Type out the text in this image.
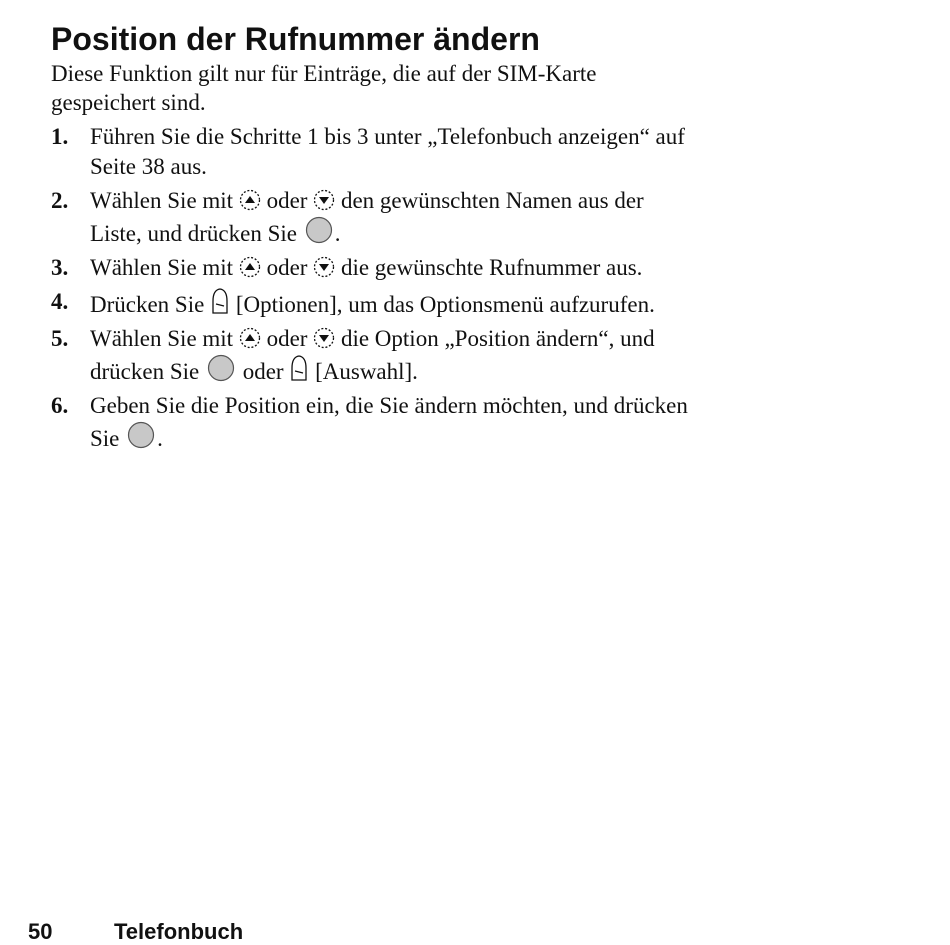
Position der Rufnummer ändern

Diese Funktion gilt nur für Einträge, die auf der SIM-Karte gespeichert sind.

1. Führen Sie die Schritte 1 bis 3 unter „Telefonbuch anzeigen“ auf Seite 38 aus.
2. Wählen Sie mit oder den gewünschten Namen aus der Liste, und drücken Sie .
3. Wählen Sie mit oder die gewünschte Rufnummer aus.
4. Drücken Sie [Optionen], um das Optionsmenü aufzurufen.
5. Wählen Sie mit oder die Option „Position ändern“, und drücken Sie oder [Auswahl].
6. Geben Sie die Position ein, die Sie ändern möchten, und drücken Sie .
50	Telefonbuch
